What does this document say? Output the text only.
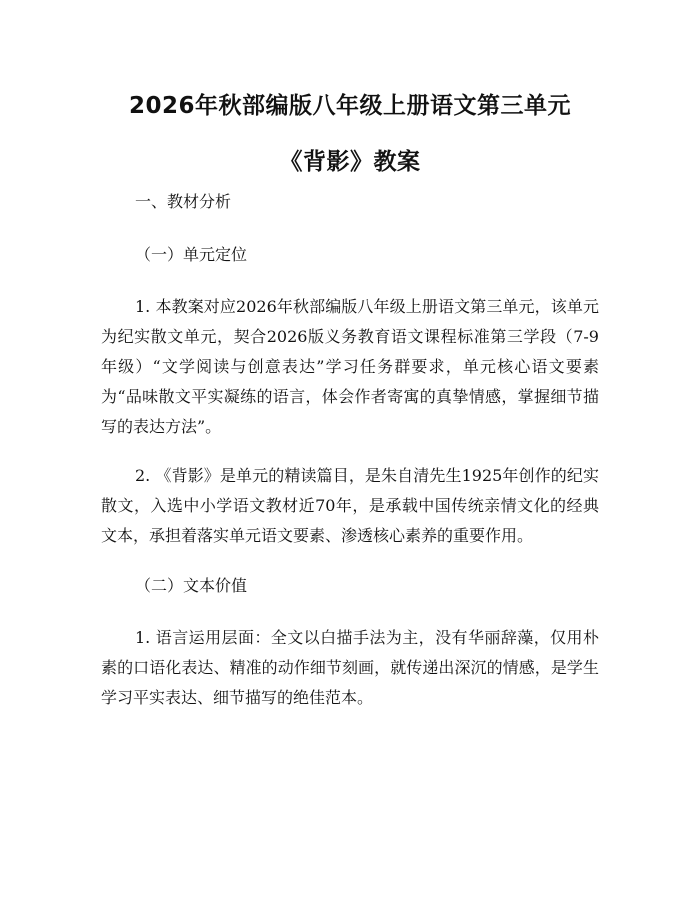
2026年秋部编版八年级上册语文第三单元
《背影》教案
一、教材分析
（一）单元定位

1. 本教案对应2026年秋部编版八年级上册语文第三单元，该单元为纪实散文单元，契合2026版义务教育语文课程标准第三学段（7-9年级）“文学阅读与创意表达”学习任务群要求，单元核心语文要素为“品味散文平实凝练的语言，体会作者寄寓的真挚情感，掌握细节描写的表达方法”。

2. 《背影》是单元的精读篇目，是朱自清先生1925年创作的纪实散文，入选中小学语文教材近70年，是承载中国传统亲情文化的经典文本，承担着落实单元语文要素、渗透核心素养的重要作用。

（二）文本价值

1. 语言运用层面：全文以白描手法为主，没有华丽辞藻，仅用朴素的口语化表达、精准的动作细节刻画，就传递出深沉的情感，是学生学习平实表达、细节描写的绝佳范本。
